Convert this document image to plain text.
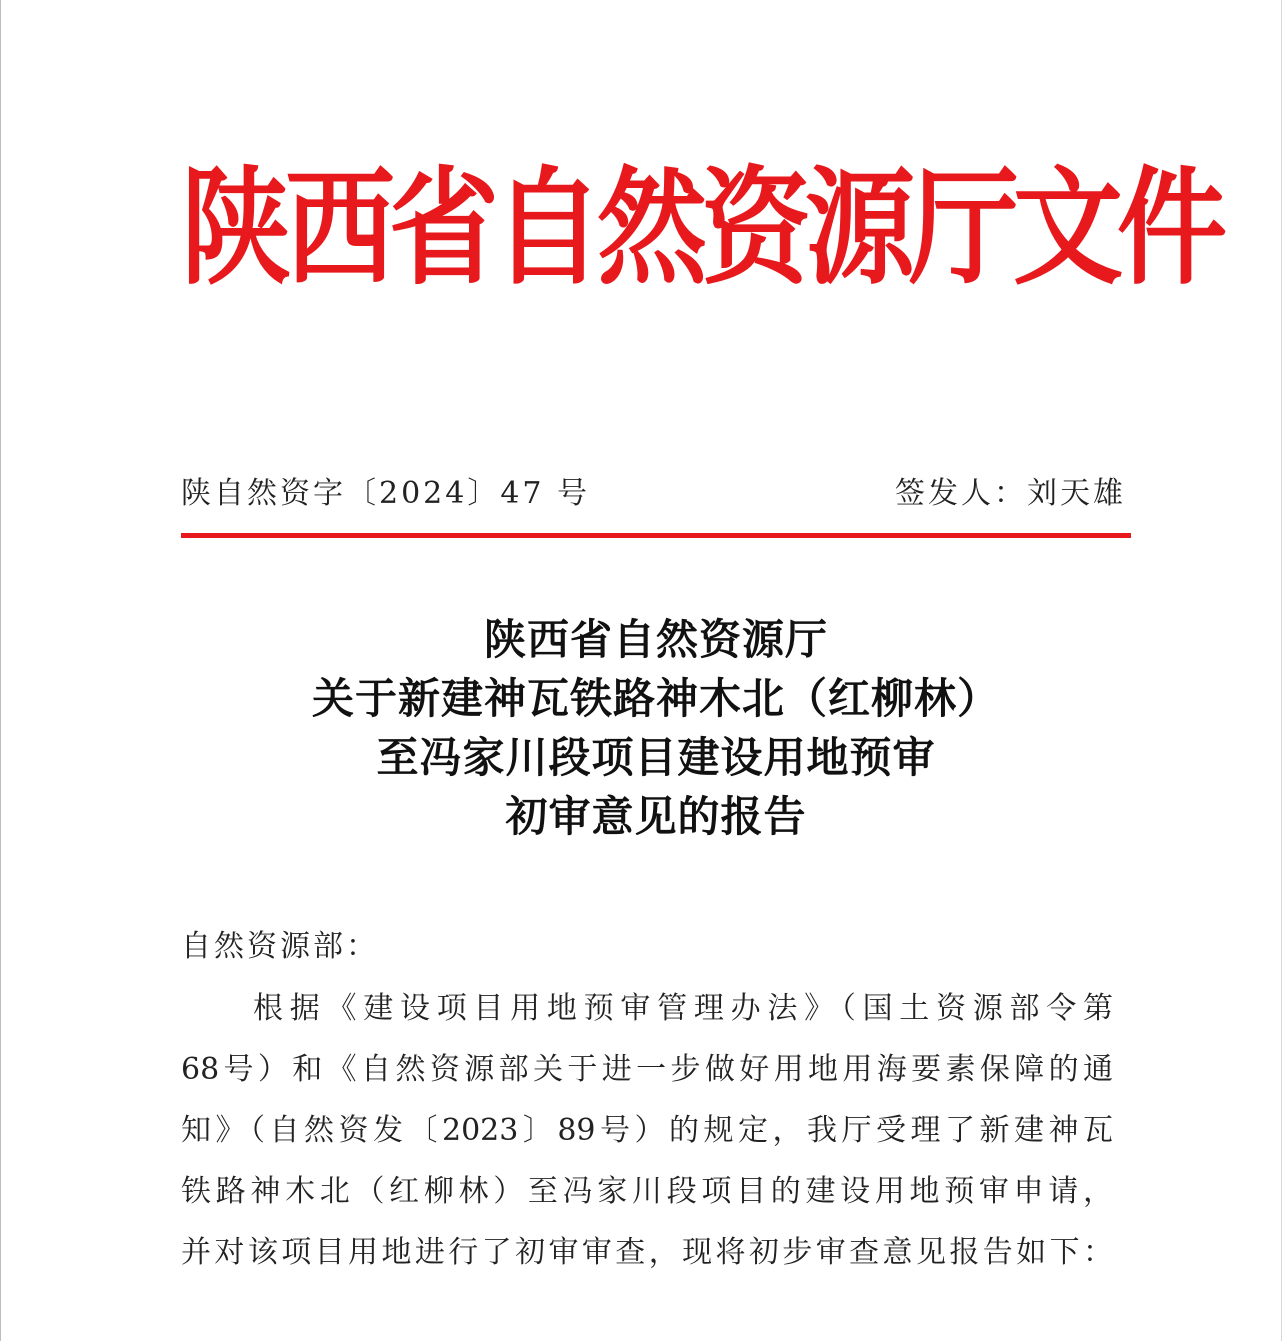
陕
西
省
自
然
资
源
厅
文
件
陕自然资字〔2024〕47 号	签发人：刘天雄
陕西省自然资源厅
关于新建神瓦铁路神木北（红柳林）
至冯家川段项目建设用地预审
初审意见的报告
自然资源部：
根据《建设项目用地预审管理办法》（国土资源部令第
68号）和《自然资源部关于进一步做好用地用海要素保障的通
知》（自然资发〔2023〕89号）的规定，我厅受理了新建神瓦
铁路神木北（红柳林）至冯家川段项目的建设用地预审申请，
并对该项目用地进行了初审审查，现将初步审查意见报告如下：
